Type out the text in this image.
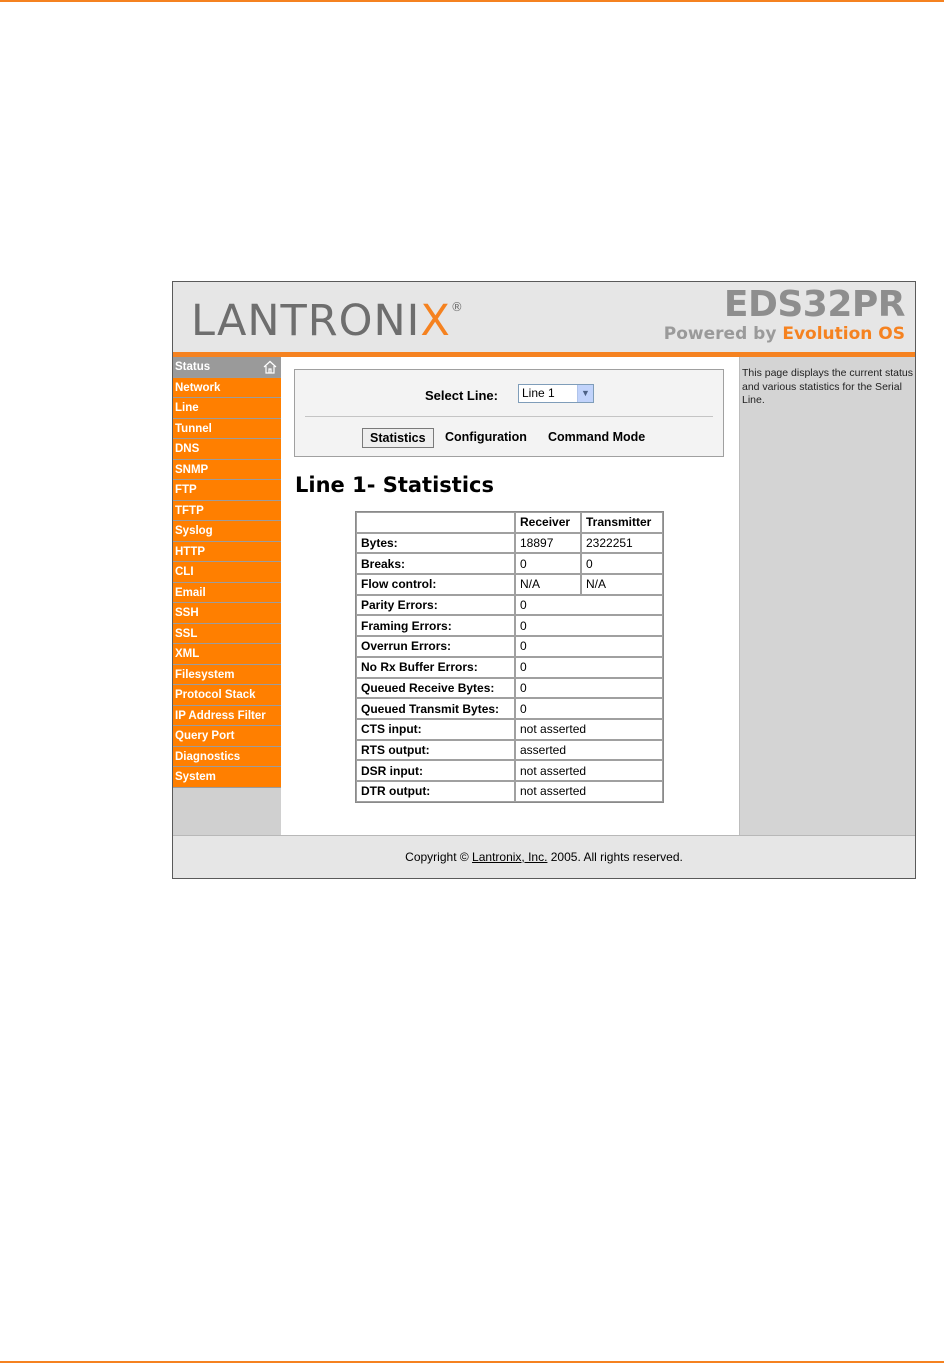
LANTRONIX®	EDS32PR
Powered by Evolution OS
Status
Network
Line
Tunnel
DNS
SNMP
FTP
TFTP
Syslog
HTTP
CLI
Email
SSH
SSL
XML
Filesystem
Protocol Stack
IP Address Filter
Query Port
Diagnostics
System
Select Line:	Line 1	▼
Statistics	Configuration Command Mode
Line 1- Statistics
	Receiver	Transmitter
Bytes:	18897	2322251
Breaks:	0	0
Flow control:	N/A	N/A
Parity Errors:	0	
Framing Errors:	0	
Overrun Errors:	0	
No Rx Buffer Errors:	0	
Queued Receive Bytes:	0	
Queued Transmit Bytes:	0	
CTS input:	not asserted	
RTS output:	asserted	
DSR input:	not asserted	
DTR output:	not asserted	
This page displays the current status and various statistics for the Serial Line.
Copyright © Lantronix, Inc. 2005. All rights reserved.
